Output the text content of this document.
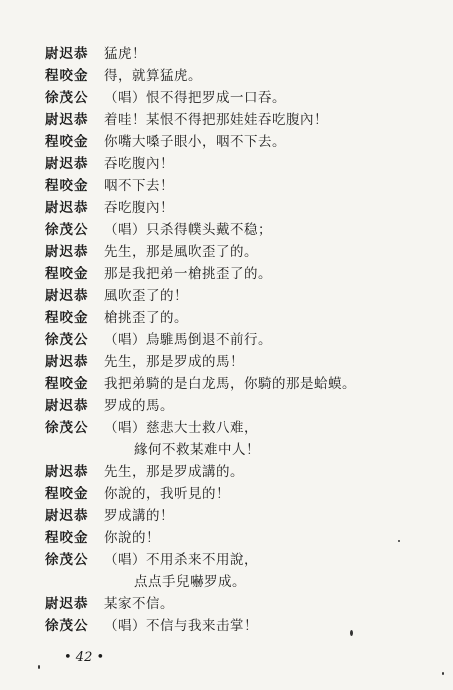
尉迟恭 猛虎！
程咬金 得，就算猛虎。
徐茂公 （唱）恨不得把罗成一口吞。
尉迟恭 着哇！某恨不得把那娃娃吞吃腹內！
程咬金 你嘴大嗓子眼小，咽不下去。
尉迟恭 吞吃腹內！
程咬金 咽不下去！
尉迟恭 吞吃腹內！
徐茂公 （唱）只杀得幞头戴不稳；
尉迟恭 先生，那是風吹歪了的。
程咬金 那是我把弟一槍挑歪了的。
尉迟恭 風吹歪了的！
程咬金 槍挑歪了的。
徐茂公 （唱）烏騅馬倒退不前行。
尉迟恭 先生，那是罗成的馬！
程咬金 我把弟騎的是白龙馬，你騎的那是蛤蟆。
尉迟恭 罗成的馬。
徐茂公 （唱）慈悲大士救八难，
緣何不救某难中人！
尉迟恭 先生，那是罗成講的。
程咬金 你說的，我听見的！
尉迟恭 罗成講的！
程咬金 你說的！
徐茂公 （唱）不用杀来不用說，
点点手兒嚇罗成。
尉迟恭 某家不信。
徐茂公 （唱）不信与我来击掌！
• 42 •
